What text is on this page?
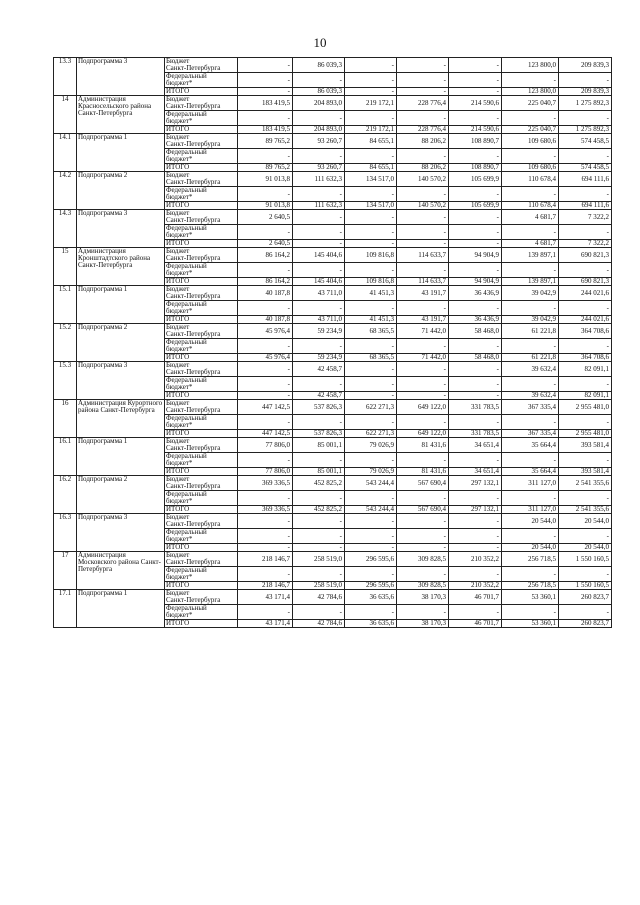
10
13.3	Подпрограмма 3	Бюджет
Санкт-Петербурга	-	86 039,3	-	-	-	123 800,0	209 839,3

		Федеральный
бюджет*	-	-	-	-	-	-	-
		ИТОГО	-	86 039,3	-	-	-	123 800,0	209 839,3
14	Администрация Красносельского района Санкт-Петербурга	Бюджет
Санкт-Петербурга	183 419,5	204 893,0	219 172,1	228 776,4	214 590,6	225 040,7	1 275 892,3

		Федеральный
бюджет*	-	-	-	-	-	-	-
		ИТОГО	183 419,5	204 893,0	219 172,1	228 776,4	214 590,6	225 040,7	1 275 892,3
14.1	Подпрограмма 1	Бюджет
Санкт-Петербурга	89 765,2	93 260,7	84 655,1	88 206,2	108 890,7	109 680,6	574 458,5

		Федеральный
бюджет*	-	-	-	-	-	-	-
		ИТОГО	89 765,2	93 260,7	84 655,1	88 206,2	108 890,7	109 680,6	574 458,5
14.2	Подпрограмма 2	Бюджет
Санкт-Петербурга	91 013,8	111 632,3	134 517,0	140 570,2	105 699,9	110 678,4	694 111,6

		Федеральный
бюджет*	-	-	-	-	-	-	-
		ИТОГО	91 013,8	111 632,3	134 517,0	140 570,2	105 699,9	110 678,4	694 111,6
14.3	Подпрограмма 3	Бюджет
Санкт-Петербурга	2 640,5	-	-	-	-	4 681,7	7 322,2

		Федеральный
бюджет*	-	-	-	-	-	-	-
		ИТОГО	2 640,5	-	-	-	-	4 681,7	7 322,2
15	Администрация Кронштадтского района Санкт-Петербурга	Бюджет
Санкт-Петербурга	86 164,2	145 404,6	109 816,8	114 633,7	94 904,9	139 897,1	690 821,3

		Федеральный
бюджет*	-	-	-	-	-	-	-
		ИТОГО	86 164,2	145 404,6	109 816,8	114 633,7	94 904,9	139 897,1	690 821,3
15.1	Подпрограмма 1	Бюджет
Санкт-Петербурга	40 187,8	43 711,0	41 451,3	43 191,7	36 436,9	39 042,9	244 021,6

		Федеральный
бюджет*	-	-	-	-	-	-	-
		ИТОГО	40 187,8	43 711,0	41 451,3	43 191,7	36 436,9	39 042,9	244 021,6
15.2	Подпрограмма 2	Бюджет
Санкт-Петербурга	45 976,4	59 234,9	68 365,5	71 442,0	58 468,0	61 221,8	364 708,6

		Федеральный
бюджет*	-	-	-	-	-	-	-
		ИТОГО	45 976,4	59 234,9	68 365,5	71 442,0	58 468,0	61 221,8	364 708,6
15.3	Подпрограмма 3	Бюджет
Санкт-Петербурга	-	42 458,7	-	-	-	39 632,4	82 091,1

		Федеральный
бюджет*	-	-	-	-	-	-	-
		ИТОГО	-	42 458,7	-	-	-	39 632,4	82 091,1
16	Администрация Курортного района Санкт-Петербурга	Бюджет
Санкт-Петербурга	447 142,5	537 826,3	622 271,3	649 122,0	331 783,5	367 335,4	2 955 481,0

		Федеральный
бюджет*	-	-	-	-	-	-	-
		ИТОГО	447 142,5	537 826,3	622 271,3	649 122,0	331 783,5	367 335,4	2 955 481,0
16.1	Подпрограмма 1	Бюджет
Санкт-Петербурга	77 806,0	85 001,1	79 026,9	81 431,6	34 651,4	35 664,4	393 581,4

		Федеральный
бюджет*	-	-	-	-	-	-	-
		ИТОГО	77 806,0	85 001,1	79 026,9	81 431,6	34 651,4	35 664,4	393 581,4
16.2	Подпрограмма 2	Бюджет
Санкт-Петербурга	369 336,5	452 825,2	543 244,4	567 690,4	297 132,1	311 127,0	2 541 355,6

		Федеральный
бюджет*	-	-	-	-	-	-	-
		ИТОГО	369 336,5	452 825,2	543 244,4	567 690,4	297 132,1	311 127,0	2 541 355,6
16.3	Подпрограмма 3	Бюджет
Санкт-Петербурга	-	-	-	-	-	20 544,0	20 544,0

		Федеральный
бюджет*	-	-	-	-	-	-	-
		ИТОГО	-	-	-	-	-	20 544,0	20 544,0
17	Администрация Московского района Санкт-Петербурга	Бюджет
Санкт-Петербурга	218 146,7	258 519,0	296 595,6	309 828,5	210 352,2	256 718,5	1 550 160,5

		Федеральный
бюджет*	-	-	-	-	-	-	-
		ИТОГО	218 146,7	258 519,0	296 595,6	309 828,5	210 352,2	256 718,5	1 550 160,5
17.1	Подпрограмма 1	Бюджет
Санкт-Петербурга	43 171,4	42 784,6	36 635,6	38 170,3	46 701,7	53 360,1	260 823,7

		Федеральный
бюджет*	-	-	-	-	-	-	-
		ИТОГО	43 171,4	42 784,6	36 635,6	38 170,3	46 701,7	53 360,1	260 823,7
